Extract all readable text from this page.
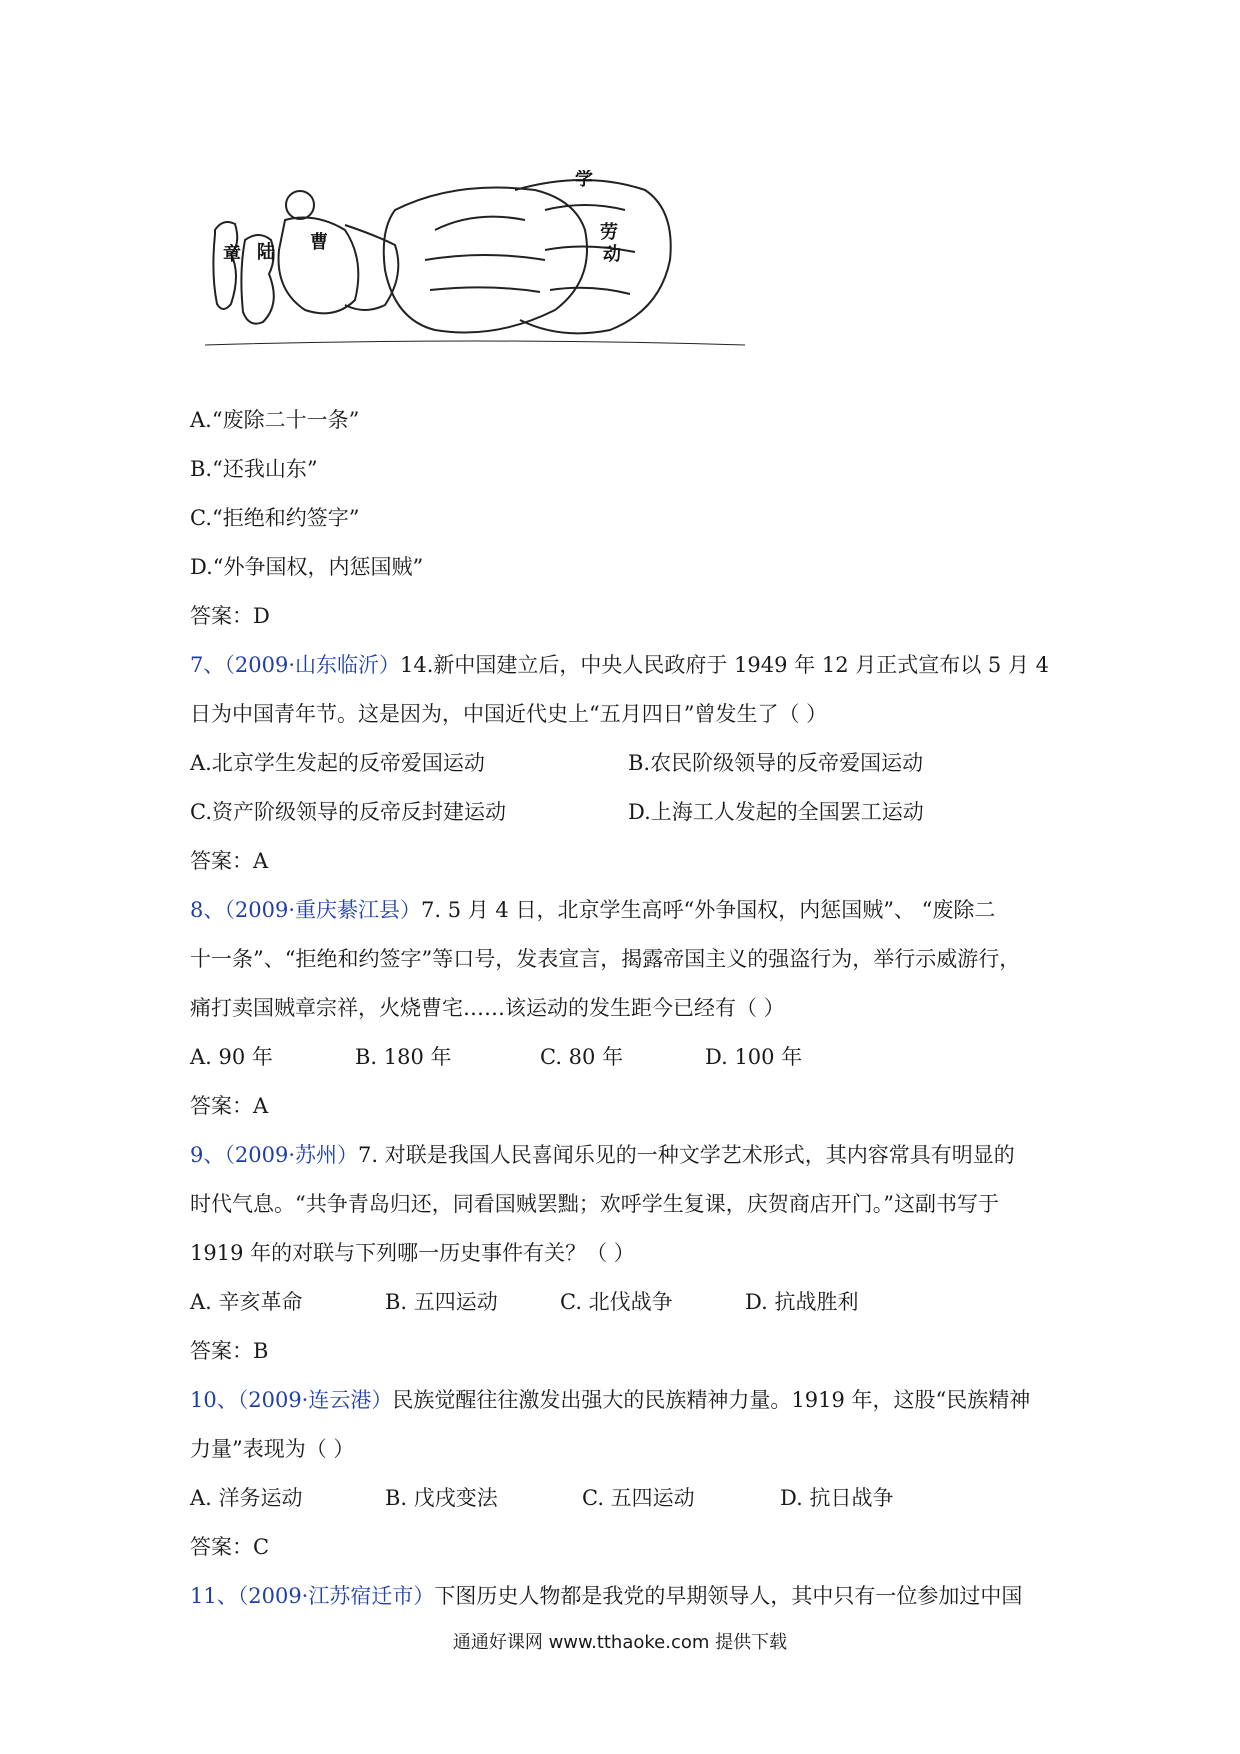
章 陆 曹
学
劳
动
A.“废除二十一条”
B.“还我山东”
C.“拒绝和约签字”
D.“外争国权，内惩国贼”
答案：D
7、（2009·山东临沂）14.新中国建立后，中央人民政府于 1949 年 12 月正式宣布以 5 月 4
日为中国青年节。这是因为，中国近代史上“五月四日”曾发生了（ ）
A.北京学生发起的反帝爱国运动	B.农民阶级领导的反帝爱国运动
C.资产阶级领导的反帝反封建运动	D.上海工人发起的全国罢工运动
答案：A
8、（2009·重庆綦江县）7. 5 月 4 日，北京学生高呼“外争国权，内惩国贼”、 “废除二
十一条”、“拒绝和约签字”等口号，发表宣言，揭露帝国主义的强盗行为，举行示威游行，
痛打卖国贼章宗祥，火烧曹宅……该运动的发生距今已经有（ ）
A. 90 年	B. 180 年	C. 80 年	D. 100 年
答案：A
9、（2009·苏州）7. 对联是我国人民喜闻乐见的一种文学艺术形式，其内容常具有明显的
时代气息。“共争青岛归还，同看国贼罢黜；欢呼学生复课，庆贺商店开门。”这副书写于
1919 年的对联与下列哪一历史事件有关？（ ）
A. 辛亥革命	B. 五四运动	C. 北伐战争	D. 抗战胜利
答案：B
10、（2009·连云港）民族觉醒往往激发出强大的民族精神力量。1919 年，这股“民族精神
力量”表现为（ ）
A. 洋务运动	B. 戊戌变法	C. 五四运动	D. 抗日战争
答案：C
11、（2009·江苏宿迁市）下图历史人物都是我党的早期领导人，其中只有一位参加过中国
通通好课网 www.tthaoke.com 提供下载
